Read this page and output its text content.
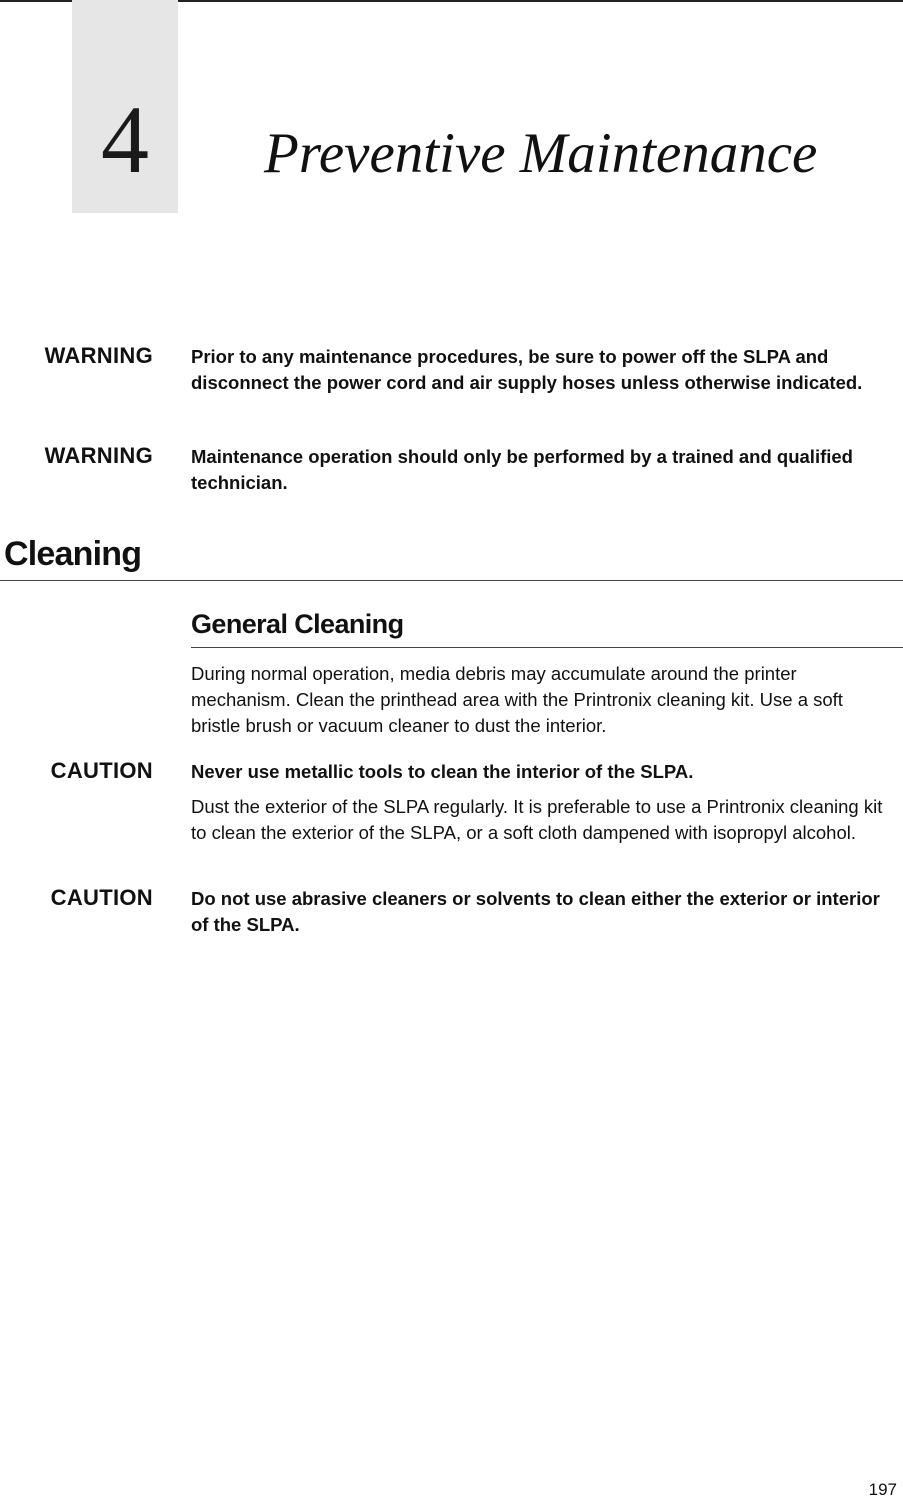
4	Preventive Maintenance
WARNING Prior to any maintenance procedures, be sure to power off the SLPA and disconnect the power cord and air supply hoses unless otherwise indicated.
WARNING Maintenance operation should only be performed by a trained and qualified technician.
Cleaning
General Cleaning
During normal operation, media debris may accumulate around the printer mechanism. Clean the printhead area with the Printronix cleaning kit. Use a soft bristle brush or vacuum cleaner to dust the interior.
CAUTION Never use metallic tools to clean the interior of the SLPA.
Dust the exterior of the SLPA regularly. It is preferable to use a Printronix cleaning kit to clean the exterior of the SLPA, or a soft cloth dampened with isopropyl alcohol.
CAUTION Do not use abrasive cleaners or solvents to clean either the exterior or interior of the SLPA.
197
